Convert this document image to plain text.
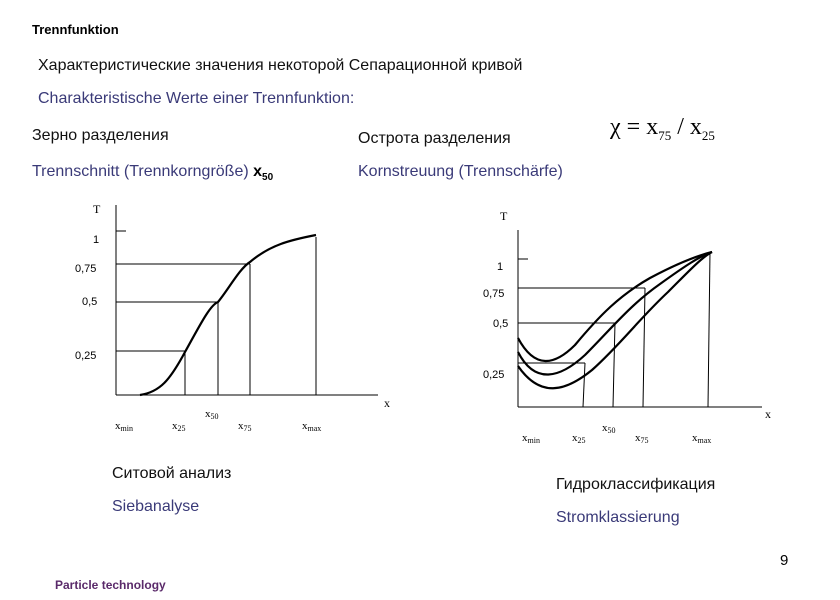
Trennfunktion
Характеристические значения некоторой Сепарационной кривой
Charakteristische Werte einer Trennfunktion:
Зерно разделения
Trennschnitt (Trennkorngröße) $x_{50}$
Острота разделения
Kornstreuung (Trennschärfe)
$\chi = x_{75} / x_{25}$
T
x
1
0,75
0,5
0,25
xmin	x25
x50
x75	xmax
T
x
1
0,75
0,5
0,25
xmin	x25
x50
x75	xmax
Ситовой анализ
Siebanalyse
Гидроклассификация
Stromklassierung
9
Particle technology
